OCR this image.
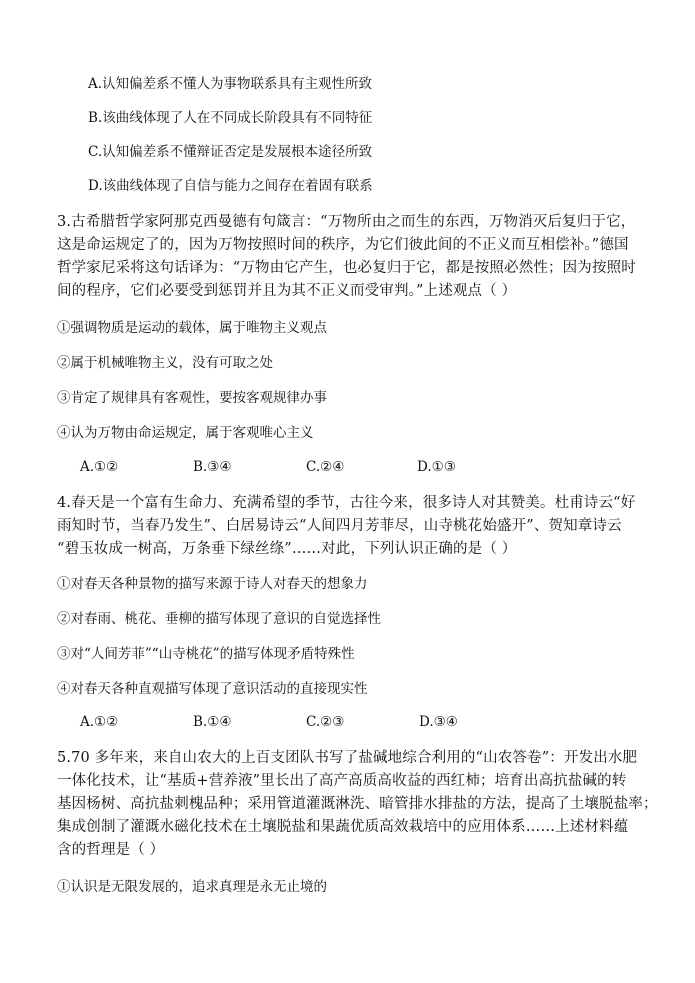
A.认知偏差系不懂人为事物联系具有主观性所致
B.该曲线体现了人在不同成长阶段具有不同特征
C.认知偏差系不懂辩证否定是发展根本途径所致
D.该曲线体现了自信与能力之间存在着固有联系
3.古希腊哲学家阿那克西曼德有句箴言：“万物所由之而生的东西，万物消灭后复归于它，
这是命运规定了的，因为万物按照时间的秩序，为它们彼此间的不正义而互相偿补。”德国
哲学家尼采将这句话译为：“万物由它产生，也必复归于它，都是按照必然性；因为按照时
间的程序，它们必要受到惩罚并且为其不正义而受审判。”上述观点（ ）
①强调物质是运动的载体，属于唯物主义观点
②属于机械唯物主义，没有可取之处
③肯定了规律具有客观性，要按客观规律办事
④认为万物由命运规定，属于客观唯心主义
A.①②	B.③④	C.②④	D.①③
4.春天是一个富有生命力、充满希望的季节，古往今来，很多诗人对其赞美。杜甫诗云“好
雨知时节，当春乃发生”、白居易诗云“人间四月芳菲尽，山寺桃花始盛开”、贺知章诗云
“碧玉妆成一树高，万条垂下绿丝绦”……对此，下列认识正确的是（ ）
①对春天各种景物的描写来源于诗人对春天的想象力
②对春雨、桃花、垂柳的描写体现了意识的自觉选择性
③对“人间芳菲”“山寺桃花”的描写体现矛盾特殊性
④对春天各种直观描写体现了意识活动的直接现实性
A.①②	B.①④	C.②③	D.③④
5.70 多年来，来自山农大的上百支团队书写了盐碱地综合利用的“山农答卷”：开发出水肥
一体化技术，让“基质+营养液”里长出了高产高质高收益的西红柿；培育出高抗盐碱的转
基因杨树、高抗盐刺槐品种；采用管道灌溉淋洗、暗管排水排盐的方法，提高了土壤脱盐率；
集成创制了灌溉水磁化技术在土壤脱盐和果蔬优质高效栽培中的应用体系……上述材料蕴
含的哲理是（ ）
①认识是无限发展的，追求真理是永无止境的
